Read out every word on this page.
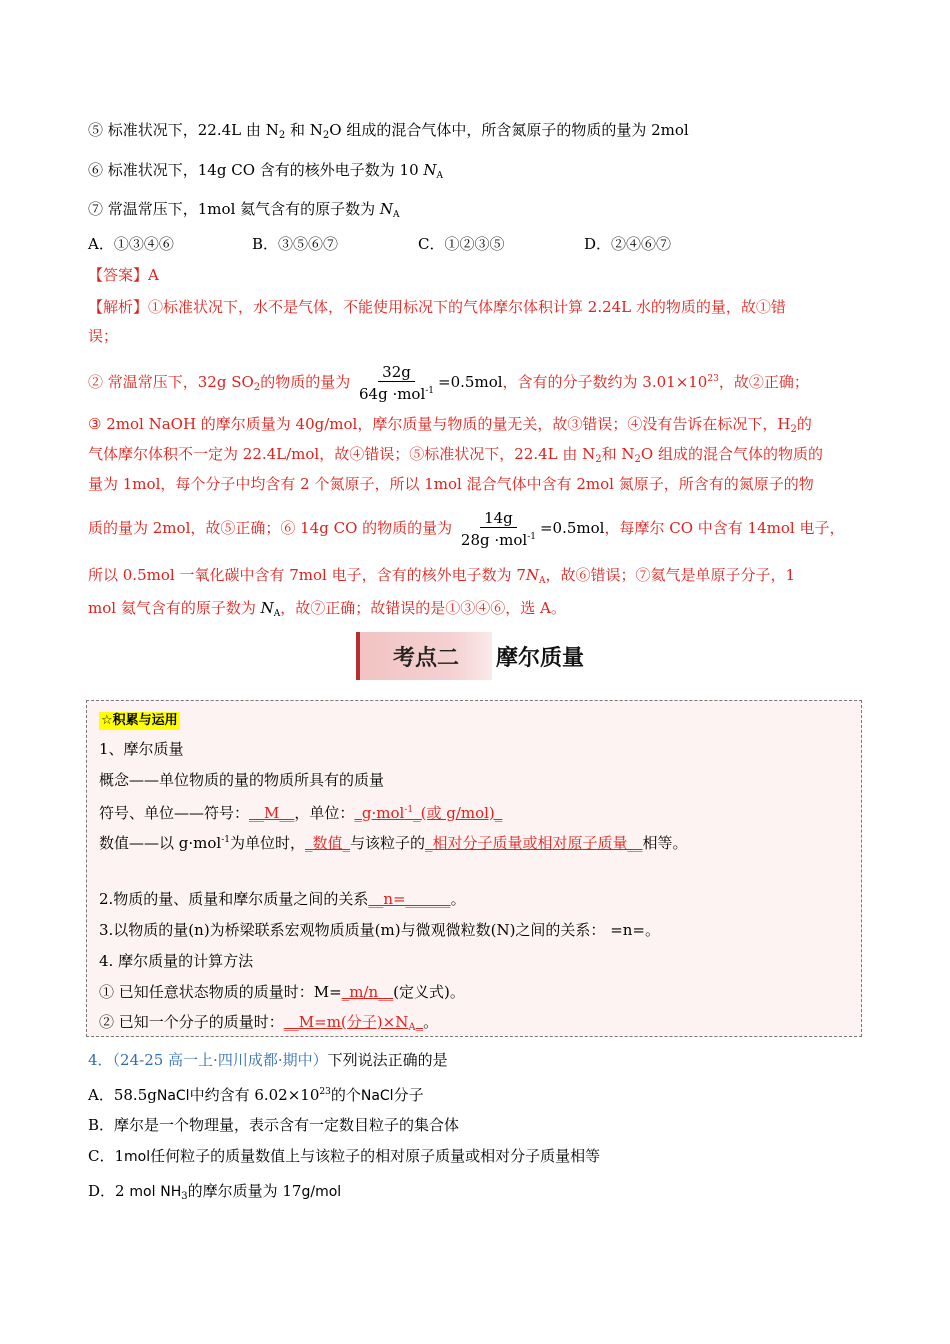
⑤ 标准状况下，22.4L 由 $N_2$ 和 $N_2O$ 组成的混合气体中，所含氮原子的物质的量为 2mol
⑥ 标准状况下，14g CO 含有的核外电子数为 10 $N_A$
⑦ 常温常压下，1mol 氦气含有的原子数为 $N_A$
A．①③④⑥	B．③⑤⑥⑦	C．①②③⑤	D．②④⑥⑦
【答案】A
【解析】①标准状况下，水不是气体，不能使用标况下的气体摩尔体积计算 2.24L 水的物质的量，故①错
误；
② 常温常压下，32g $SO_2$的物质的量为 $\frac{32g}{64g \cdot mol^{-1}} =0.5mol$，含有的分子数约为 $3.01\times 10^{23}$，故②正确；
③ 2mol NaOH 的摩尔质量为 40g/mol，摩尔质量与物质的量无关，故③错误；④没有告诉在标况下，$H_2$的
气体摩尔体积不一定为 22.4L/mol，故④错误；⑤标准状况下，22.4L 由 $N_2$和 $N_2O$ 组成的混合气体的物质的
量为 1mol，每个分子中均含有 2 个氮原子，所以 1mol 混合气体中含有 2mol 氮原子，所含有的氮原子的物
质的量为 2mol，故⑤正确；⑥ 14g CO 的物质的量为 $\frac{14g}{28g \cdot mol^{-1}} =0.5mol$，每摩尔 CO 中含有 14mol 电子，
所以 0.5mol 一氧化碳中含有 7mol 电子，含有的核外电子数为 $7N_A$，故⑥错误；⑦氦气是单原子分子，1
mol 氦气含有的原子数为 $N_A$，故⑦正确；故错误的是①③④⑥，选 A。
考点二	摩尔质量
☆积累与运用
1、摩尔质量
概念——单位物质的量的物质所具有的质量
符号、单位——符号：__M__，单位：_g·mol$^{-1}$_(或 g/mol)_
数值——以 g·mol$^{-1}$为单位时，_数值_与该粒子的_相对分子质量或相对原子质量__相等。
2.物质的量、质量和摩尔质量之间的关系__n=______。
3.以物质的量(n)为桥梁联系宏观物质质量(m)与微观微粒数(N)之间的关系： =n=。
4. 摩尔质量的计算方法
① 已知任意状态物质的质量时：M=_m/n__(定义式)。
② 已知一个分子的质量时：__M=m(分子)$\times N_A\_$。
4．（24-25 高一上·四川成都·期中）下列说法正确的是
A．58.5gNaCl中约含有 $6.02\times 10^{23}$的个NaCl分子
B．摩尔是一个物理量，表示含有一定数目粒子的集合体
C．1mol任何粒子的质量数值上与该粒子的相对原子质量或相对分子质量相等
D．2 mol $NH_3$的摩尔质量为 17g/mol
